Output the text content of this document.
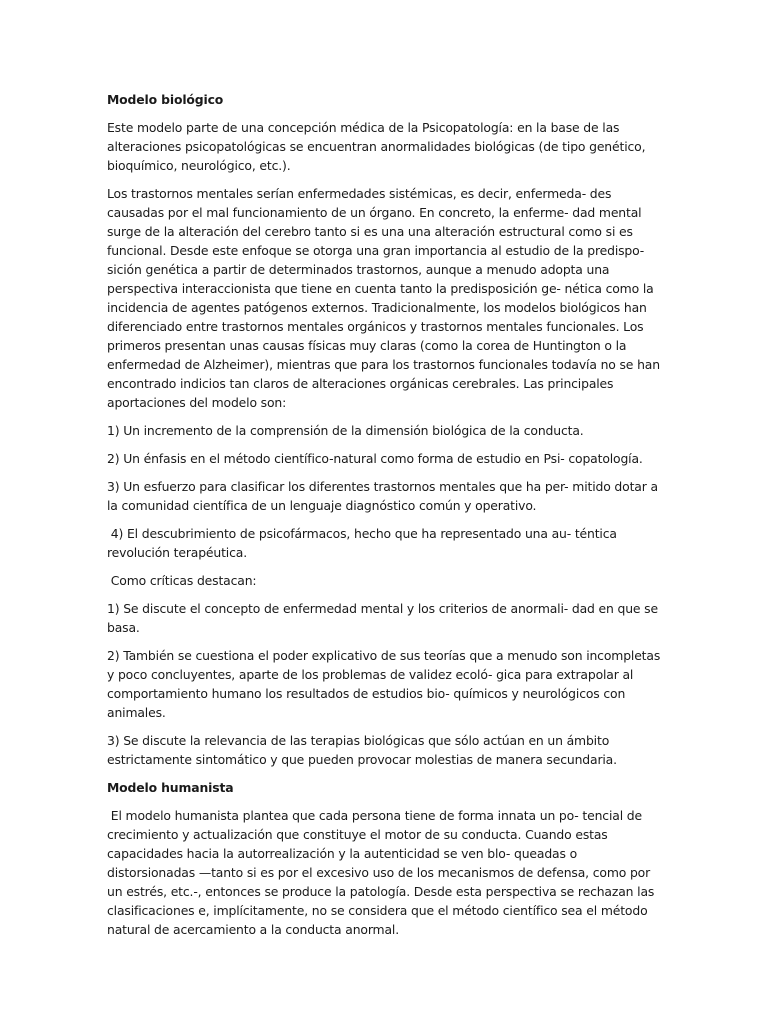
Modelo biológico
Este modelo parte de una concepción médica de la Psicopatología: en la base de las alteraciones psicopatológicas se encuentran anormalidades biológicas (de tipo genético, bioquímico, neurológico, etc.).
Los trastornos mentales serían enfermedades sistémicas, es decir, enfermeda- des causadas por el mal funcionamiento de un órgano. En concreto, la enferme- dad mental surge de la alteración del cerebro tanto si es una una alteración estructural como si es funcional. Desde este enfoque se otorga una gran importancia al estudio de la predispo- sición genética a partir de determinados trastornos, aunque a menudo adopta una perspectiva interaccionista que tiene en cuenta tanto la predisposición ge- nética como la incidencia de agentes patógenos externos. Tradicionalmente, los modelos biológicos han diferenciado entre trastornos mentales orgánicos y trastornos mentales funcionales. Los primeros presentan unas causas físicas muy claras (como la corea de Huntington o la enfermedad de Alzheimer), mientras que para los trastornos funcionales todavía no se han encontrado indicios tan claros de alteraciones orgánicas cerebrales. Las principales aportaciones del modelo son:
1) Un incremento de la comprensión de la dimensión biológica de la conducta.
2) Un énfasis en el método científico-natural como forma de estudio en Psi- copatología.
3) Un esfuerzo para clasificar los diferentes trastornos mentales que ha per- mitido dotar a la comunidad científica de un lenguaje diagnóstico común y operativo.
4) El descubrimiento de psicofármacos, hecho que ha representado una au- téntica revolución terapéutica.
Como críticas destacan:
1) Se discute el concepto de enfermedad mental y los criterios de anormali- dad en que se basa.
2) También se cuestiona el poder explicativo de sus teorías que a menudo son incompletas y poco concluyentes, aparte de los problemas de validez ecoló- gica para extrapolar al comportamiento humano los resultados de estudios bio- químicos y neurológicos con animales.
3) Se discute la relevancia de las terapias biológicas que sólo actúan en un ámbito estrictamente sintomático y que pueden provocar molestias de manera secundaria.
Modelo humanista
El modelo humanista plantea que cada persona tiene de forma innata un po- tencial de crecimiento y actualización que constituye el motor de su conducta. Cuando estas capacidades hacia la autorrealización y la autenticidad se ven blo- queadas o distorsionadas —tanto si es por el excesivo uso de los mecanismos de defensa, como por un estrés, etc.-, entonces se produce la patología. Desde esta perspectiva se rechazan las clasificaciones e, implícitamente, no se considera que el método científico sea el método natural de acercamiento a la conducta anormal.
